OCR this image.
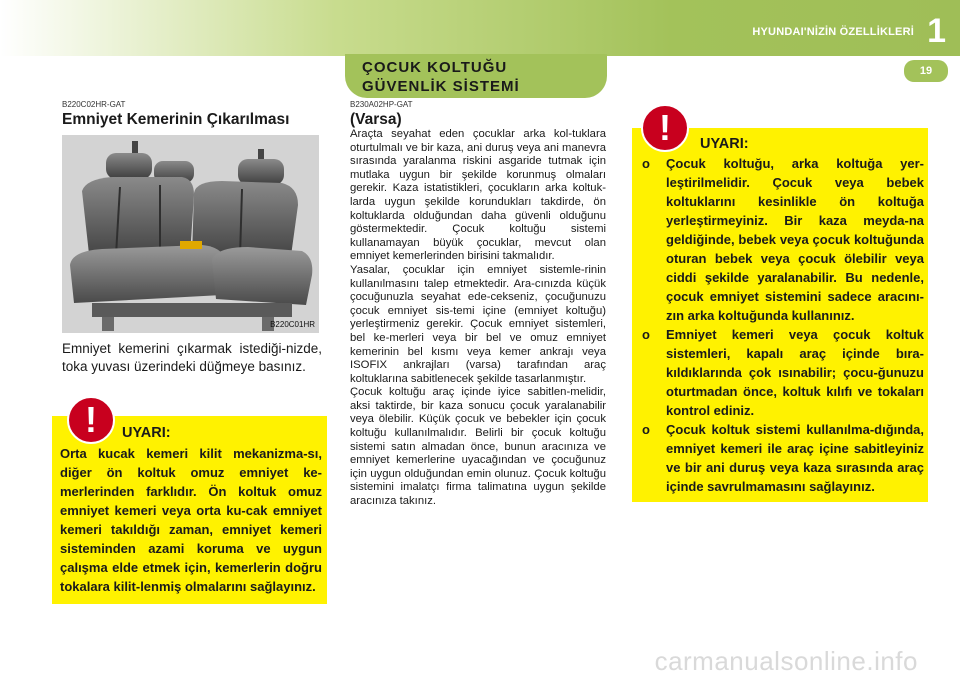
HYUNDAI'NİZİN ÖZELLİKLERİ 1
19
ÇOCUK KOLTUĞU
GÜVENLİK SİSTEMİ
B220C02HR-GAT
Emniyet Kemerinin Çıkarılması
B220C01HR
Emniyet kemerini çıkarmak istediği-nizde, toka yuvası üzerindeki düğmeye basınız.
UYARI:
Orta kucak kemeri kilit mekanizma-sı, diğer ön koltuk omuz emniyet ke-merlerinden farklıdır. Ön koltuk omuz emniyet kemeri veya orta ku-cak emniyet kemeri takıldığı zaman, emniyet kemeri sisteminden azami koruma ve uygun çalışma elde etmek için, kemerlerin doğru tokalara kilit-lenmiş olmalarını sağlayınız.
!
B230A02HP-GAT
(Varsa)

Araçta seyahat eden çocuklar arka kol-tuklara oturtulmalı ve bir kaza, ani duruş veya ani manevra sırasında yaralanma riskini asgaride tutmak için mutlaka uygun bir şekilde korunmuş olmaları gerekir. Kaza istatistikleri, çocukların arka koltuk-larda uygun şekilde korundukları takdirde, ön koltuklarda olduğundan daha güvenli olduğunu göstermektedir. Çocuk koltuğu sistemi kullanamayan büyük çocuklar, mevcut olan emniyet kemerlerinden birisini takmalıdır.

Yasalar, çocuklar için emniyet sistemle-rinin kullanılmasını talep etmektedir. Ara-cınızda küçük çocuğunuzla seyahat ede-cekseniz, çocuğunuzu çocuk emniyet sis-temi içine (emniyet koltuğu) yerleştirmeniz gerekir. Çocuk emniyet sistemleri, bel ke-merleri veya bir bel ve omuz emniyet kemerinin bel kısmı veya kemer ankrajı veya ISOFIX ankrajları (varsa) tarafından araç koltuklarına sabitlenecek şekilde tasarlanmıştır.

Çocuk koltuğu araç içinde iyice sabitlen-melidir, aksi taktirde, bir kaza sonucu çocuk yaralanabilir veya ölebilir. Küçük çocuk ve bebekler için çocuk koltuğu kullanılmalıdır. Belirli bir çocuk koltuğu sistemi satın almadan önce, bunun aracınıza ve emniyet kemerlerine uyacağından ve çocuğunuz için uygun olduğundan emin olunuz. Çocuk koltuğu sistemini imalatçı firma talimatına uygun şekilde aracınıza takınız.

UYARI:
o Çocuk koltuğu, arka koltuğa yer-leştirilmelidir. Çocuk veya bebek koltuklarını kesinlikle ön koltuğa yerleştirmeyiniz. Bir kaza meyda-na geldiğinde, bebek veya çocuk koltuğunda oturan bebek veya çocuk ölebilir veya ciddi şekilde yaralanabilir. Bu nedenle, çocuk emniyet sistemini sadece aracını-zın arka koltuğunda kullanınız.
o Emniyet kemeri veya çocuk koltuk sistemleri, kapalı araç içinde bıra-kıldıklarında çok ısınabilir; çocu-ğunuzu oturtmadan önce, koltuk kılıfı ve tokaları kontrol ediniz.
o Çocuk koltuk sistemi kullanılma-dığında, emniyet kemeri ile araç içine sabitleyiniz ve bir ani duruş veya kaza sırasında araç içinde savrulmamasını sağlayınız.
!
carmanualsonline.info
